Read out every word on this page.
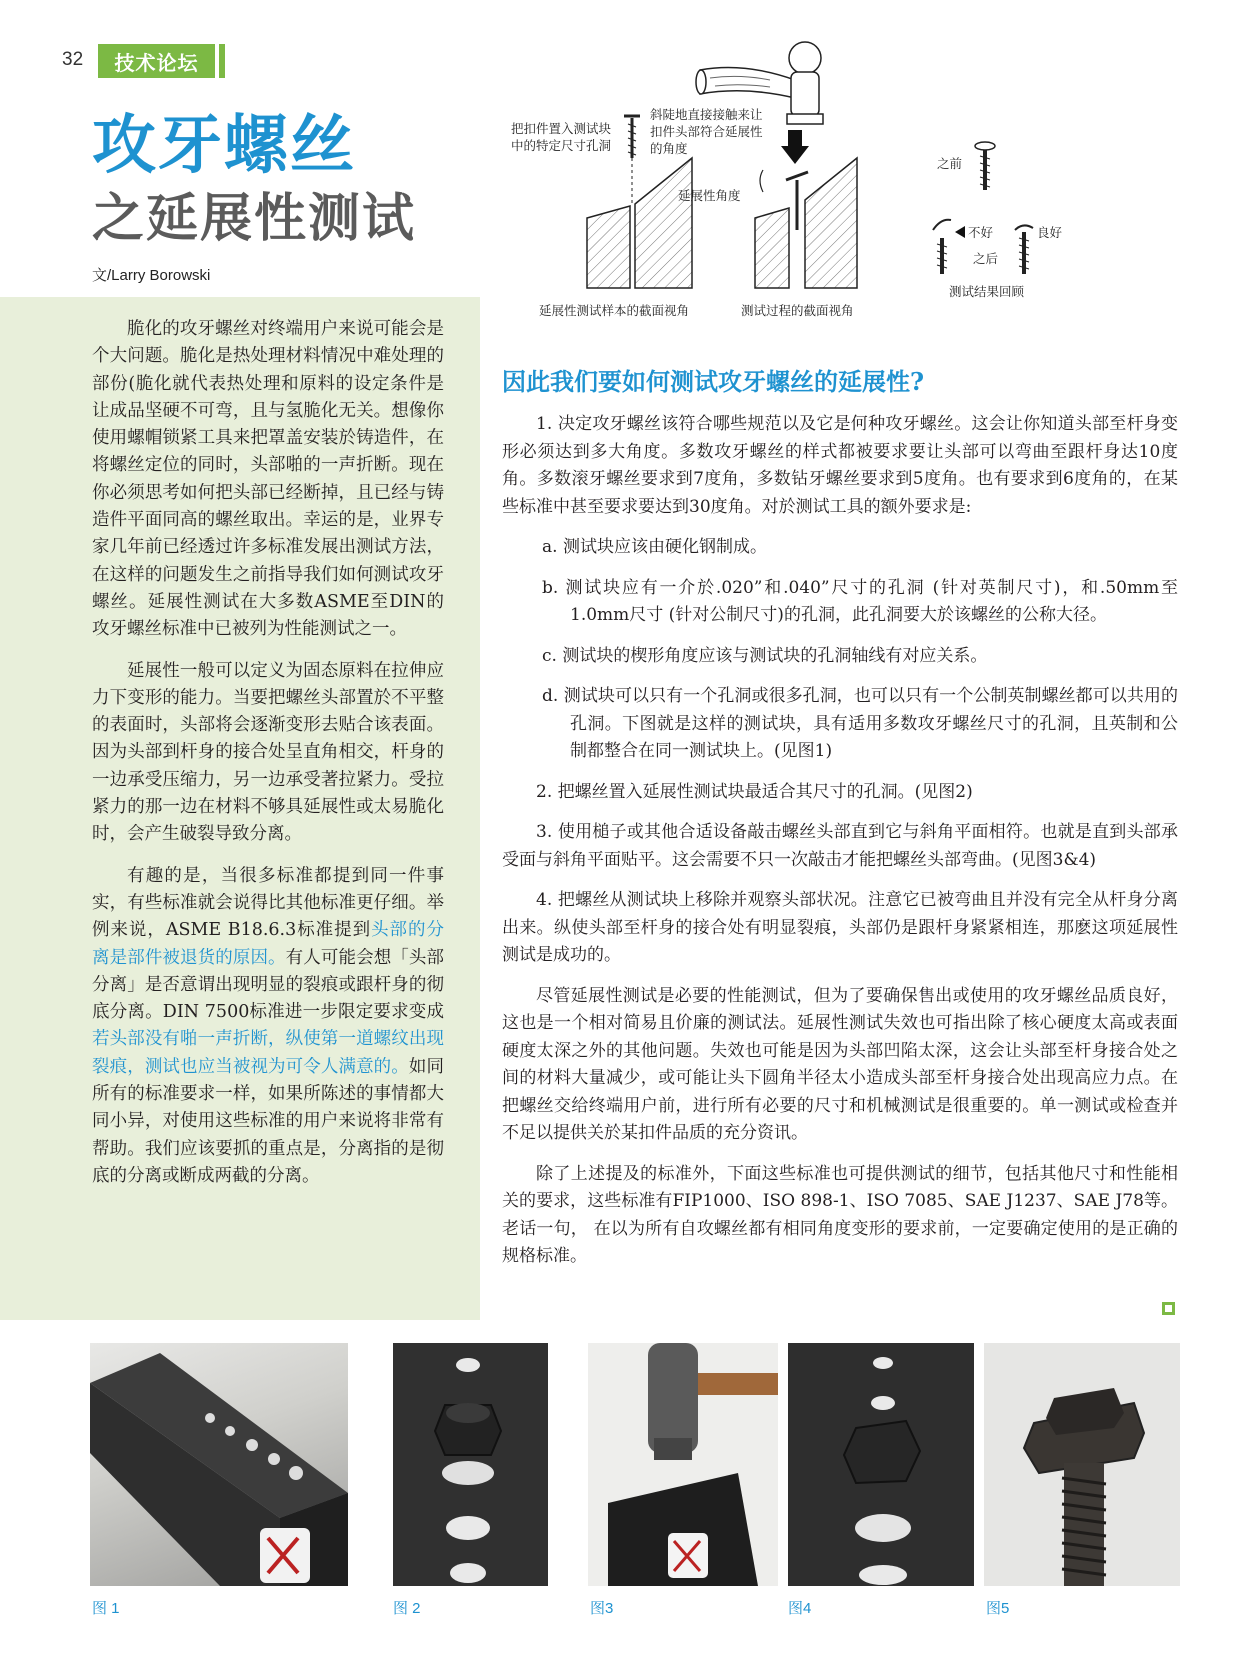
32	技术论坛
攻牙螺丝
之延展性测试
文/Larry Borowski
把扣件置入测试块
中的特定尺寸孔洞
斜陡地直接接触来让
扣件头部符合延展性
的角度
延展性角度
延展性测试样本的截面视角	测试过程的截面视角
之前
不好	良好
之后
测试结果回顾

脆化的攻牙螺丝对终端用户来说可能会是个大问题。脆化是热处理材料情况中难处理的部份(脆化就代表热处理和原料的设定条件是让成品坚硬不可弯，且与氢脆化无关。想像你使用螺帽锁紧工具来把罩盖安装於铸造件，在将螺丝定位的同时，头部啪的一声折断。现在你必须思考如何把头部已经断掉，且已经与铸造件平面同高的螺丝取出。幸运的是，业界专家几年前已经透过许多标准发展出测试方法，在这样的问题发生之前指导我们如何测试攻牙螺丝。延展性测试在大多数ASME至DIN的攻牙螺丝标准中已被列为性能测试之一。

延展性一般可以定义为固态原料在拉伸应力下变形的能力。当要把螺丝头部置於不平整的表面时，头部将会逐渐变形去贴合该表面。因为头部到杆身的接合处呈直角相交，杆身的一边承受压缩力，另一边承受著拉紧力。受拉紧力的那一边在材料不够具延展性或太易脆化时，会产生破裂导致分离。

有趣的是，当很多标准都提到同一件事实，有些标准就会说得比其他标准更仔细。举例来说，ASME B18.6.3标准提到头部的分离是部件被退货的原因。有人可能会想「头部分离」是否意谓出现明显的裂痕或跟杆身的彻底分离。DIN 7500标准进一步限定要求变成若头部没有啪一声折断，纵使第一道螺纹出现裂痕，测试也应当被视为可令人满意的。如同所有的标准要求一样，如果所陈述的事情都大同小异，对使用这些标准的用户来说将非常有帮助。我们应该要抓的重点是，分离指的是彻底的分离或断成两截的分离。

因此我们要如何测试攻牙螺丝的延展性?

1. 决定攻牙螺丝该符合哪些规范以及它是何种攻牙螺丝。这会让你知道头部至杆身变形必须达到多大角度。多数攻牙螺丝的样式都被要求要让头部可以弯曲至跟杆身达10度角。多数滚牙螺丝要求到7度角，多数钻牙螺丝要求到5度角。也有要求到6度角的，在某些标准中甚至要求要达到30度角。对於测试工具的额外要求是:

a. 测试块应该由硬化钢制成。
b. 测试块应有一介於.020”和.040”尺寸的孔洞 (针对英制尺寸)，和.50mm至1.0mm尺寸 (针对公制尺寸)的孔洞，此孔洞要大於该螺丝的公称大径。
c. 测试块的楔形角度应该与测试块的孔洞轴线有对应关系。
d. 测试块可以只有一个孔洞或很多孔洞，也可以只有一个公制英制螺丝都可以共用的孔洞。下图就是这样的测试块，具有适用多数攻牙螺丝尺寸的孔洞，且英制和公制都整合在同一测试块上。(见图1)

2. 把螺丝置入延展性测试块最适合其尺寸的孔洞。(见图2)

3. 使用槌子或其他合适设备敲击螺丝头部直到它与斜角平面相符。也就是直到头部承受面与斜角平面贴平。这会需要不只一次敲击才能把螺丝头部弯曲。(见图3&4)

4. 把螺丝从测试块上移除并观察头部状况。注意它已被弯曲且并没有完全从杆身分离出来。纵使头部至杆身的接合处有明显裂痕，头部仍是跟杆身紧紧相连，那麽这项延展性测试是成功的。

尽管延展性测试是必要的性能测试，但为了要确保售出或使用的攻牙螺丝品质良好，这也是一个相对简易且价廉的测试法。延展性测试失效也可指出除了核心硬度太高或表面硬度太深之外的其他问题。失效也可能是因为头部凹陷太深，这会让头部至杆身接合处之间的材料大量减少，或可能让头下圆角半径太小造成头部至杆身接合处出现高应力点。在把螺丝交给终端用户前，进行所有必要的尺寸和机械测试是很重要的。单一测试或检查并不足以提供关於某扣件品质的充分资讯。

除了上述提及的标准外，下面这些标准也可提供测试的细节，包括其他尺寸和性能相关的要求，这些标准有FIP1000、ISO 898-1、ISO 7085、SAE J1237、SAE J78等。老话一句， 在以为所有自攻螺丝都有相同角度变形的要求前，一定要确定使用的是正确的规格标准。

图 1	图 2	图3	图4	图5
